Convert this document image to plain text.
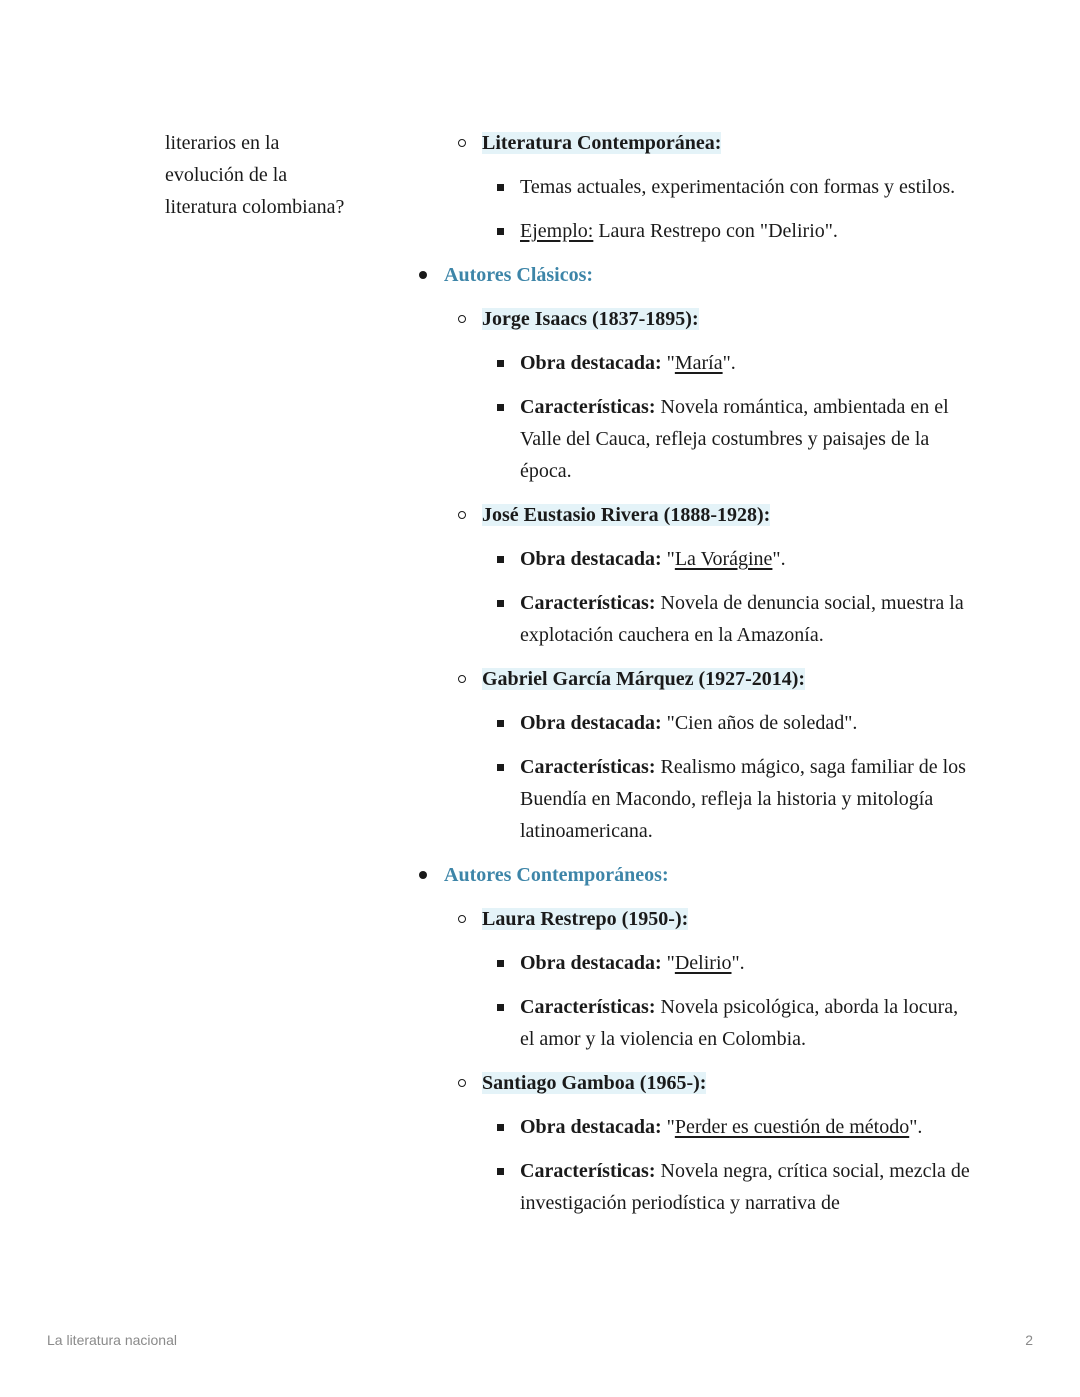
literarios en la
evolución de la
literatura colombiana?
Literatura Contemporánea:
Temas actuales, experimentación con formas y estilos.
Ejemplo: Laura Restrepo con "Delirio".
Autores Clásicos:
Jorge Isaacs (1837-1895):
Obra destacada: "María".
Características: Novela romántica, ambientada en el Valle del Cauca, refleja costumbres y paisajes de la época.
José Eustasio Rivera (1888-1928):
Obra destacada: "La Vorágine".
Características: Novela de denuncia social, muestra la explotación cauchera en la Amazonía.
Gabriel García Márquez (1927-2014):
Obra destacada: "Cien años de soledad".
Características: Realismo mágico, saga familiar de los Buendía en Macondo, refleja la historia y mitología latinoamericana.
Autores Contemporáneos:
Laura Restrepo (1950-):
Obra destacada: "Delirio".
Características: Novela psicológica, aborda la locura, el amor y la violencia en Colombia.
Santiago Gamboa (1965-):
Obra destacada: "Perder es cuestión de método".
Características: Novela negra, crítica social, mezcla de investigación periodística y narrativa de
La literatura nacional	2
